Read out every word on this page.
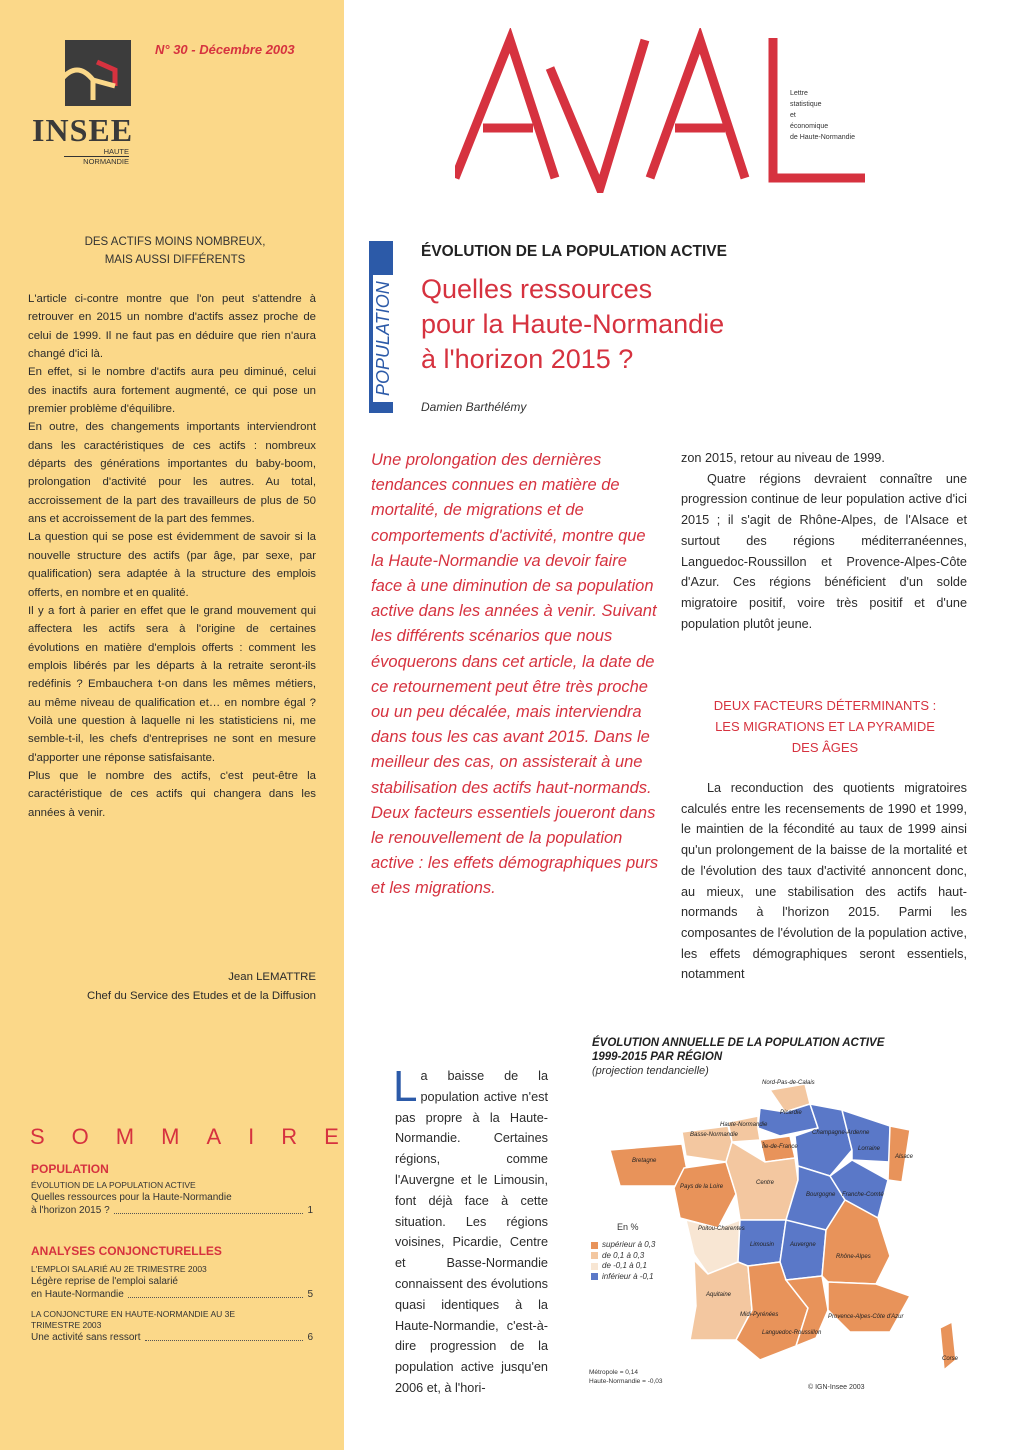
N° 30 - Décembre 2003
INSEE
HAUTE
NORMANDIE
DES ACTIFS MOINS NOMBREUX,
MAIS AUSSI DIFFÉRENTS

L'article ci-contre montre que l'on peut s'attendre à retrouver en 2015 un nombre d'actifs assez proche de celui de 1999. Il ne faut pas en déduire que rien n'aura changé d'ici là.

En effet, si le nombre d'actifs aura peu diminué, celui des inactifs aura fortement augmenté, ce qui pose un premier problème d'équilibre.

En outre, des changements importants interviendront dans les caractéristiques de ces actifs : nombreux départs des générations importantes du baby-boom, prolongation d'activité pour les autres. Au total, accroissement de la part des travailleurs de plus de 50 ans et accroissement de la part des femmes.

La question qui se pose est évidemment de savoir si la nouvelle structure des actifs (par âge, par sexe, par qualification) sera adaptée à la structure des emplois offerts, en nombre et en qualité.

Il y a fort à parier en effet que le grand mouvement qui affectera les actifs sera à l'origine de certaines évolutions en matière d'emplois offerts : comment les emplois libérés par les départs à la retraite seront-ils redéfinis ? Embauchera t-on dans les mêmes métiers, au même niveau de qualification et… en nombre égal ? Voilà une question à laquelle ni les statisticiens ni, me semble-t-il, les chefs d'entreprises ne sont en mesure d'apporter une réponse satisfaisante.

Plus que le nombre des actifs, c'est peut-être la caractéristique de ces actifs qui changera dans les années à venir.

Jean LEMATTRE
Chef du Service des Etudes et de la Diffusion
SOMMAIRE
POPULATION
ÉVOLUTION DE LA POPULATION ACTIVE
Quelles ressources pour la Haute-Normandie
à l'horizon 2015 ?	1
ANALYSES CONJONCTURELLES
L'EMPLOI SALARIÉ AU 2E TRIMESTRE 2003
Légère reprise de l'emploi salarié
en Haute-Normandie	5
LA CONJONCTURE EN HAUTE-NORMANDIE AU 3E TRIMESTRE 2003
Une activité sans ressort	6
Lettre
statistique
et
économique
de Haute-Normandie
POPULATION
ÉVOLUTION DE LA POPULATION ACTIVE
Quelles ressources
pour la Haute-Normandie
à l'horizon 2015 ?
Damien Barthélémy
Une prolongation des dernières tendances connues en matière de mortalité, de migrations et de comportements d'activité, montre que la Haute-Normandie va devoir faire face à une diminution de sa population active dans les années à venir. Suivant les différents scénarios que nous évoquerons dans cet article, la date de ce retournement peut être très proche ou un peu décalée, mais interviendra dans tous les cas avant 2015. Dans le meilleur des cas, on assisterait à une stabilisation des actifs haut-normands. Deux facteurs essentiels joueront dans le renouvellement de la population active : les effets démographiques purs et les migrations.

zon 2015, retour au niveau de 1999.

Quatre régions devraient connaître une progression continue de leur population active d'ici 2015 ; il s'agit de Rhône-Alpes, de l'Alsace et surtout des régions méditerranéennes, Languedoc-Roussillon et Provence-Alpes-Côte d'Azur. Ces régions bénéficient d'un solde migratoire positif, voire très positif et d'une population plutôt jeune.

DEUX FACTEURS DÉTERMINANTS :
LES MIGRATIONS ET LA PYRAMIDE
DES ÂGES

La reconduction des quotients migratoires calculés entre les recensements de 1990 et 1999, le maintien de la fécondité au taux de 1999 ainsi qu'un prolongement de la baisse de la mortalité et de l'évolution des taux d'activité annoncent donc, au mieux, une stabilisation des actifs haut-normands à l'horizon 2015. Parmi les composantes de l'évolution de la population active, les effets démographiques seront essentiels, notamment

La baisse de la population active n'est pas propre à la Haute-Normandie. Certaines régions, comme l'Auvergne et le Limousin, font déjà face à cette situation. Les régions voisines, Picardie, Centre et Basse-Normandie connaissent des évolutions quasi identiques à la Haute-Normandie, c'est-à-dire progression de la population active jusqu'en 2006 et, à l'hori-
ÉVOLUTION ANNUELLE DE LA POPULATION ACTIVE
1999-2015 PAR RÉGION
(projection tendancielle)
Nord-Pas-de-Calais
Picardie
Haute-Normandie
Basse-Normandie
Île-de-France
Champagne-Ardenne
Lorraine
Alsace
Bretagne
Pays de la Loire
Centre
Bourgogne Franche-Comté
Poitou-Charentes
Limousin	Auvergne
Rhône-Alpes
Aquitaine
Midi-Pyrénées	Provence-Alpes-Côte d'Azur
Languedoc-Roussillon
Corse
En %
supérieur à 0,3
de 0,1 à 0,3
de -0,1 à 0,1
inférieur à -0,1
Métropole = 0,14
Haute-Normandie = -0,03
© IGN-Insee 2003
